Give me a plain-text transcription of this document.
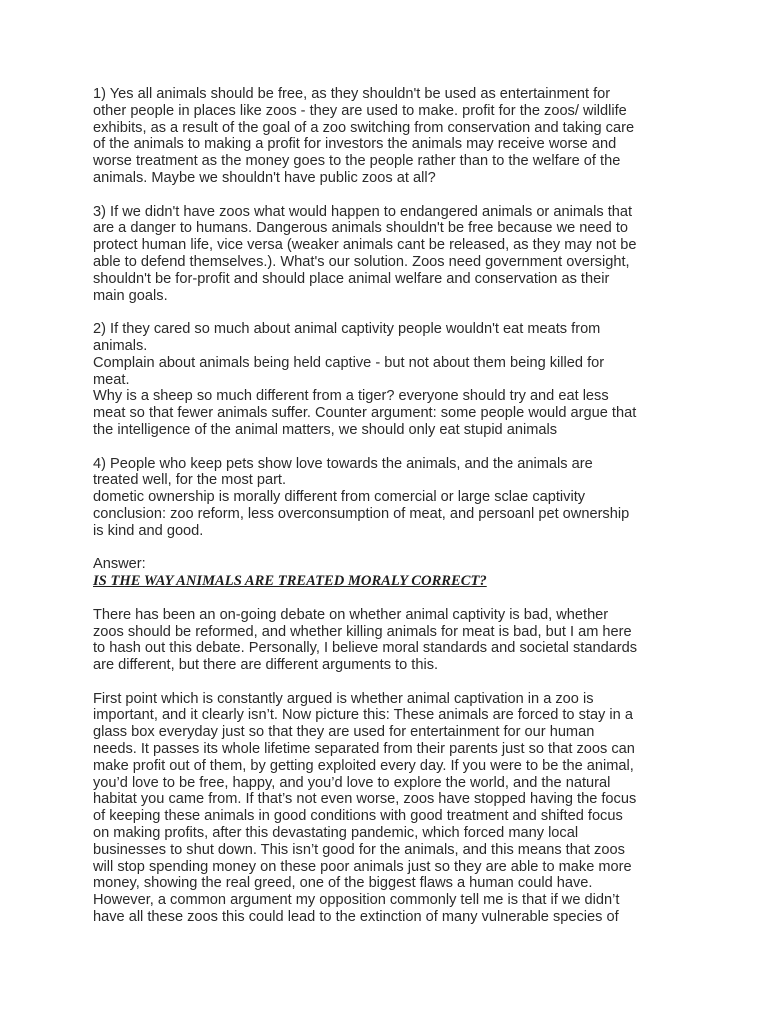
1) Yes all animals should be free, as they shouldn't be used as entertainment for
other people in places like zoos - they are used to make. profit for the zoos/ wildlife
exhibits, as a result of the goal of a zoo switching from conservation and taking care
of the animals to making a profit for investors the animals may receive worse and
worse treatment as the money goes to the people rather than to the welfare of the
animals. Maybe we shouldn't have public zoos at all?
3) If we didn't have zoos what would happen to endangered animals or animals that
are a danger to humans. Dangerous animals shouldn't be free because we need to
protect human life, vice versa (weaker animals cant be released, as they may not be
able to defend themselves.). What's our solution. Zoos need government oversight,
shouldn't be for-profit and should place animal welfare and conservation as their
main goals.
2) If they cared so much about animal captivity people wouldn't eat meats from
animals.
Complain about animals being held captive - but not about them being killed for
meat.
Why is a sheep so much different from a tiger? everyone should try and eat less
meat so that fewer animals suffer. Counter argument: some people would argue that
the intelligence of the animal matters, we should only eat stupid animals
4) People who keep pets show love towards the animals, and the animals are
treated well, for the most part.
dometic ownership is morally different from comercial or large sclae captivity
conclusion: zoo reform, less overconsumption of meat, and persoanl pet ownership
is kind and good.
Answer:
IS THE WAY ANIMALS ARE TREATED MORALY CORRECT?
There has been an on-going debate on whether animal captivity is bad, whether
zoos should be reformed, and whether killing animals for meat is bad, but I am here
to hash out this debate. Personally, I believe moral standards and societal standards
are different, but there are different arguments to this.
First point which is constantly argued is whether animal captivation in a zoo is
important, and it clearly isn’t. Now picture this: These animals are forced to stay in a
glass box everyday just so that they are used for entertainment for our human
needs. It passes its whole lifetime separated from their parents just so that zoos can
make profit out of them, by getting exploited every day. If you were to be the animal,
you’d love to be free, happy, and you’d love to explore the world, and the natural
habitat you came from. If that’s not even worse, zoos have stopped having the focus
of keeping these animals in good conditions with good treatment and shifted focus
on making profits, after this devastating pandemic, which forced many local
businesses to shut down. This isn’t good for the animals, and this means that zoos
will stop spending money on these poor animals just so they are able to make more
money, showing the real greed, one of the biggest flaws a human could have.
However, a common argument my opposition commonly tell me is that if we didn’t
have all these zoos this could lead to the extinction of many vulnerable species of
